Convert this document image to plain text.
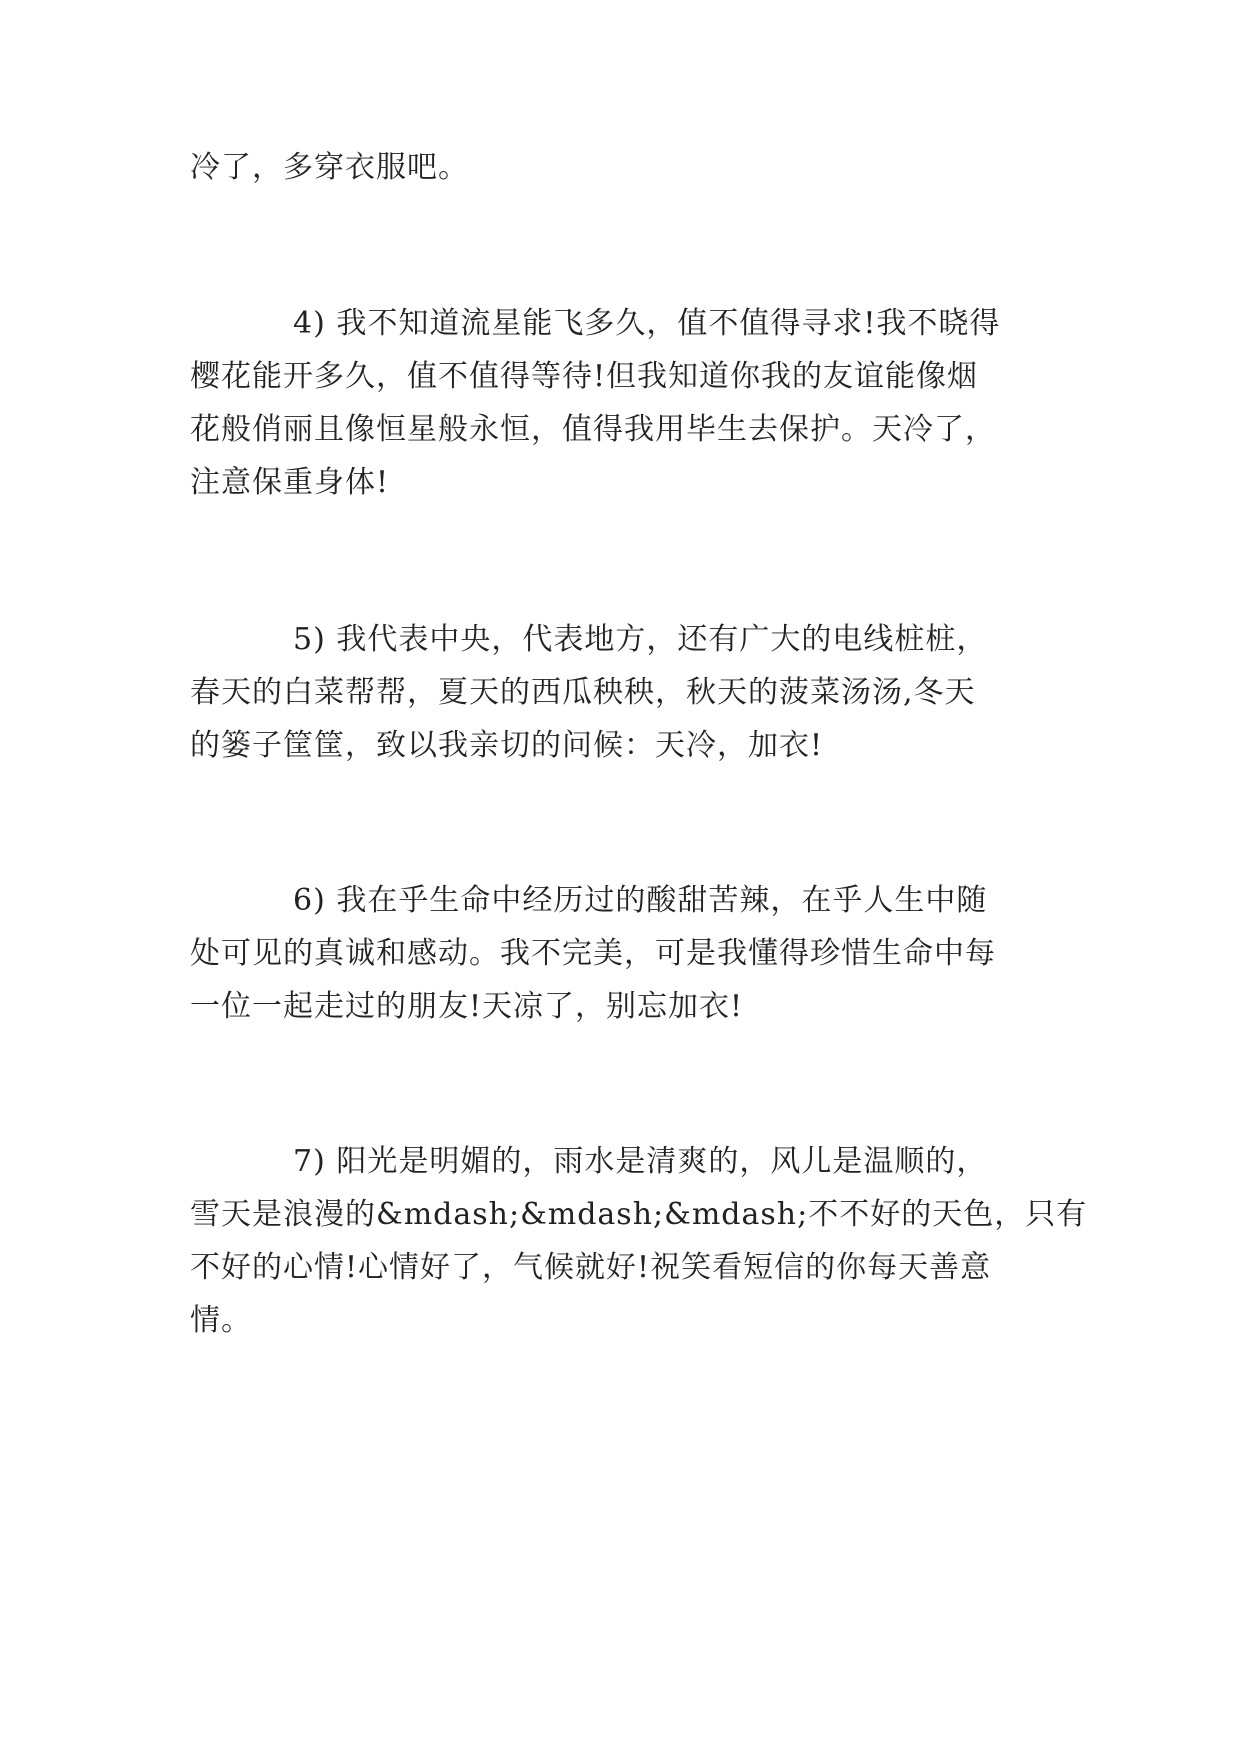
冷了，多穿衣服吧。

4) 我不知道流星能飞多久，值不值得寻求!我不晓得

樱花能开多久，值不值得等待!但我知道你我的友谊能像烟

花般俏丽且像恒星般永恒，值得我用毕生去保护。天冷了，

注意保重身体!

5) 我代表中央，代表地方，还有广大的电线桩桩，

春天的白菜帮帮，夏天的西瓜秧秧，秋天的菠菜汤汤,冬天

的篓子筐筐，致以我亲切的问候：天冷，加衣!

6) 我在乎生命中经历过的酸甜苦辣，在乎人生中随

处可见的真诚和感动。我不完美，可是我懂得珍惜生命中每

一位一起走过的朋友!天凉了，别忘加衣!

7) 阳光是明媚的，雨水是清爽的，风儿是温顺的，

雪天是浪漫的&mdash;&mdash;&mdash;不不好的天色，只有

不好的心情!心情好了，气候就好!祝笑看短信的你每天善意

情。
